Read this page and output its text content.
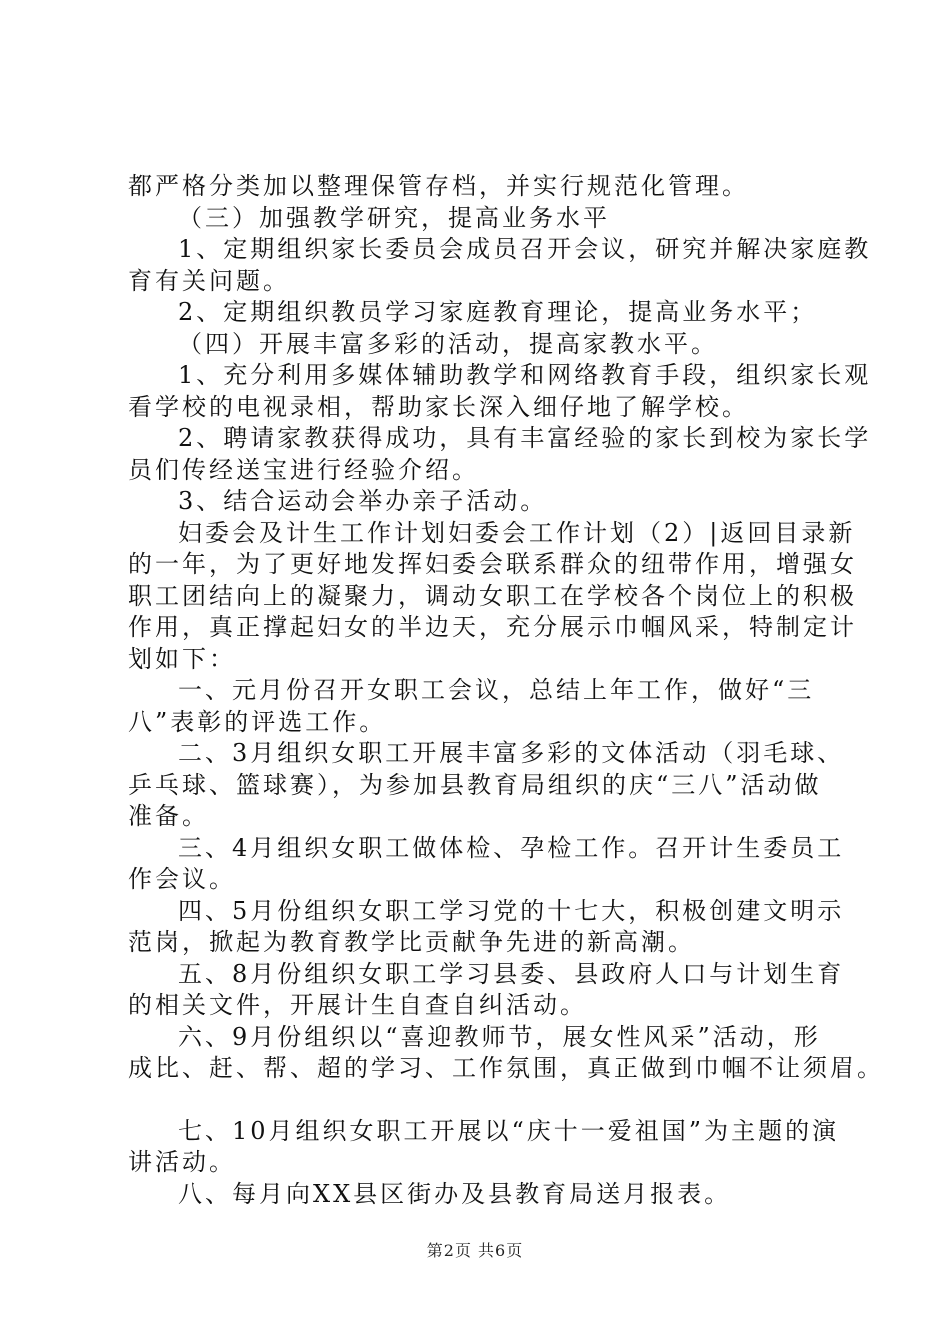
都严格分类加以整理保管存档，并实行规范化管理。

（三）加强教学研究，提高业务水平

1、定期组织家长委员会成员召开会议，研究并解决家庭教

育有关问题。

2、定期组织教员学习家庭教育理论，提高业务水平；

（四）开展丰富多彩的活动，提高家教水平。

1、充分利用多媒体辅助教学和网络教育手段，组织家长观

看学校的电视录相，帮助家长深入细仔地了解学校。

2、聘请家教获得成功，具有丰富经验的家长到校为家长学

员们传经送宝进行经验介绍。

3、结合运动会举办亲子活动。

妇委会及计生工作计划妇委会工作计划（2）|返回目录新

的一年，为了更好地发挥妇委会联系群众的纽带作用，增强女

职工团结向上的凝聚力，调动女职工在学校各个岗位上的积极

作用，真正撑起妇女的半边天，充分展示巾帼风采，特制定计

划如下：

一、元月份召开女职工会议，总结上年工作，做好“三

八”表彰的评选工作。

二、3月组织女职工开展丰富多彩的文体活动（羽毛球、

乒乓球、篮球赛），为参加县教育局组织的庆“三八”活动做

准备。

三、4月组织女职工做体检、孕检工作。召开计生委员工

作会议。

四、5月份组织女职工学习党的十七大，积极创建文明示

范岗，掀起为教育教学比贡献争先进的新高潮。

五、8月份组织女职工学习县委、县政府人口与计划生育

的相关文件，开展计生自查自纠活动。

六、9月份组织以“喜迎教师节，展女性风采”活动，形

成比、赶、帮、超的学习、工作氛围，真正做到巾帼不让须眉。

七、10月组织女职工开展以“庆十一爱祖国”为主题的演

讲活动。

八、每月向XX县区街办及县教育局送月报表。

第2页 共6页
